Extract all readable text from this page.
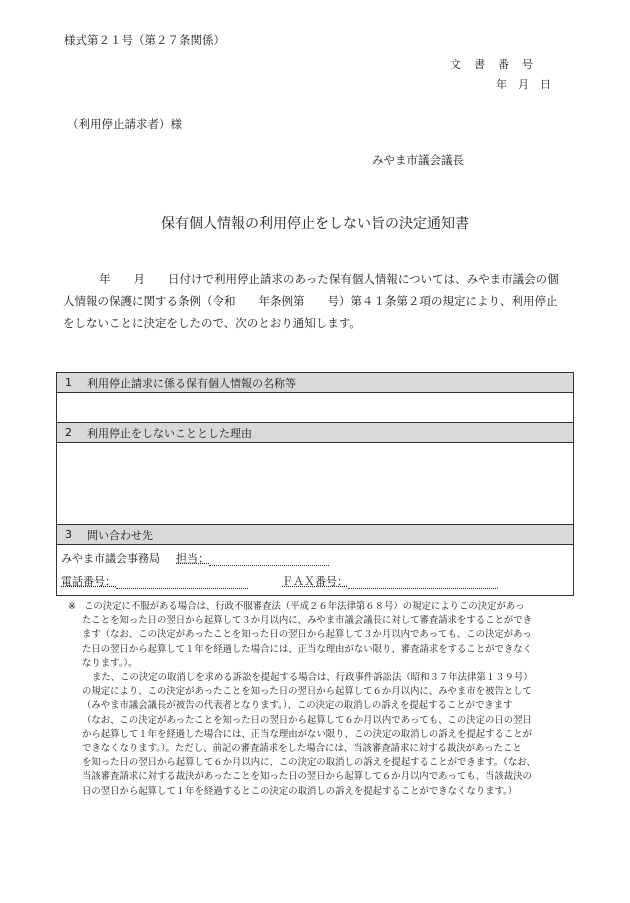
様式第２１号（第２７条関係）
文書番号
年　月　日
（利用停止請求者）様
みやま市議会議長
保有個人情報の利用停止をしない旨の決定通知書
年　　月　　日付けで利用停止請求のあった保有個人情報については、みやま市議会の個
人情報の保護に関する条例（令和　　年条例第　　号）第４１条第２項の規定により、利用停止
をしないことに決定をしたので、次のとおり通知します。
1	利用停止請求に係る保有個人情報の名称等
2	利用停止をしないこととした理由
3	問い合わせ先
みやま市議会事務局 担当：
電話番号：	ＦＡＸ番号：
※ この決定に不服がある場合は、行政不服審査法（平成２６年法律第６８号）の規定によりこの決定があっ
たことを知った日の翌日から起算して３か月以内に、みやま市議会議長に対して審査請求をすることができ
ます（なお、この決定があったことを知った日の翌日から起算して３か月以内であっても、この決定があっ
た日の翌日から起算して１年を経過した場合には、正当な理由がない限り、審査請求をすることができなく
なります。）。
また、この決定の取消しを求める訴訟を提起する場合は、行政事件訴訟法（昭和３７年法律第１３９号）
の規定により、この決定があったことを知った日の翌日から起算して６か月以内に、みやま市を被告として
（みやま市議会議長が被告の代表者となります。）、この決定の取消しの訴えを提起することができます
（なお、この決定があったことを知った日の翌日から起算して６か月以内であっても、この決定の日の翌日
から起算して１年を経過した場合には、正当な理由がない限り、この決定の取消しの訴えを提起することが
できなくなります。）。ただし、前記の審査請求をした場合には、当該審査請求に対する裁決があったこと
を知った日の翌日から起算して６か月以内に、この決定の取消しの訴えを提起することができます。（なお、
当該審査請求に対する裁決があったことを知った日の翌日から起算して６か月以内であっても、当該裁決の
日の翌日から起算して１年を経過するとこの決定の取消しの訴えを提起することができなくなります。）
